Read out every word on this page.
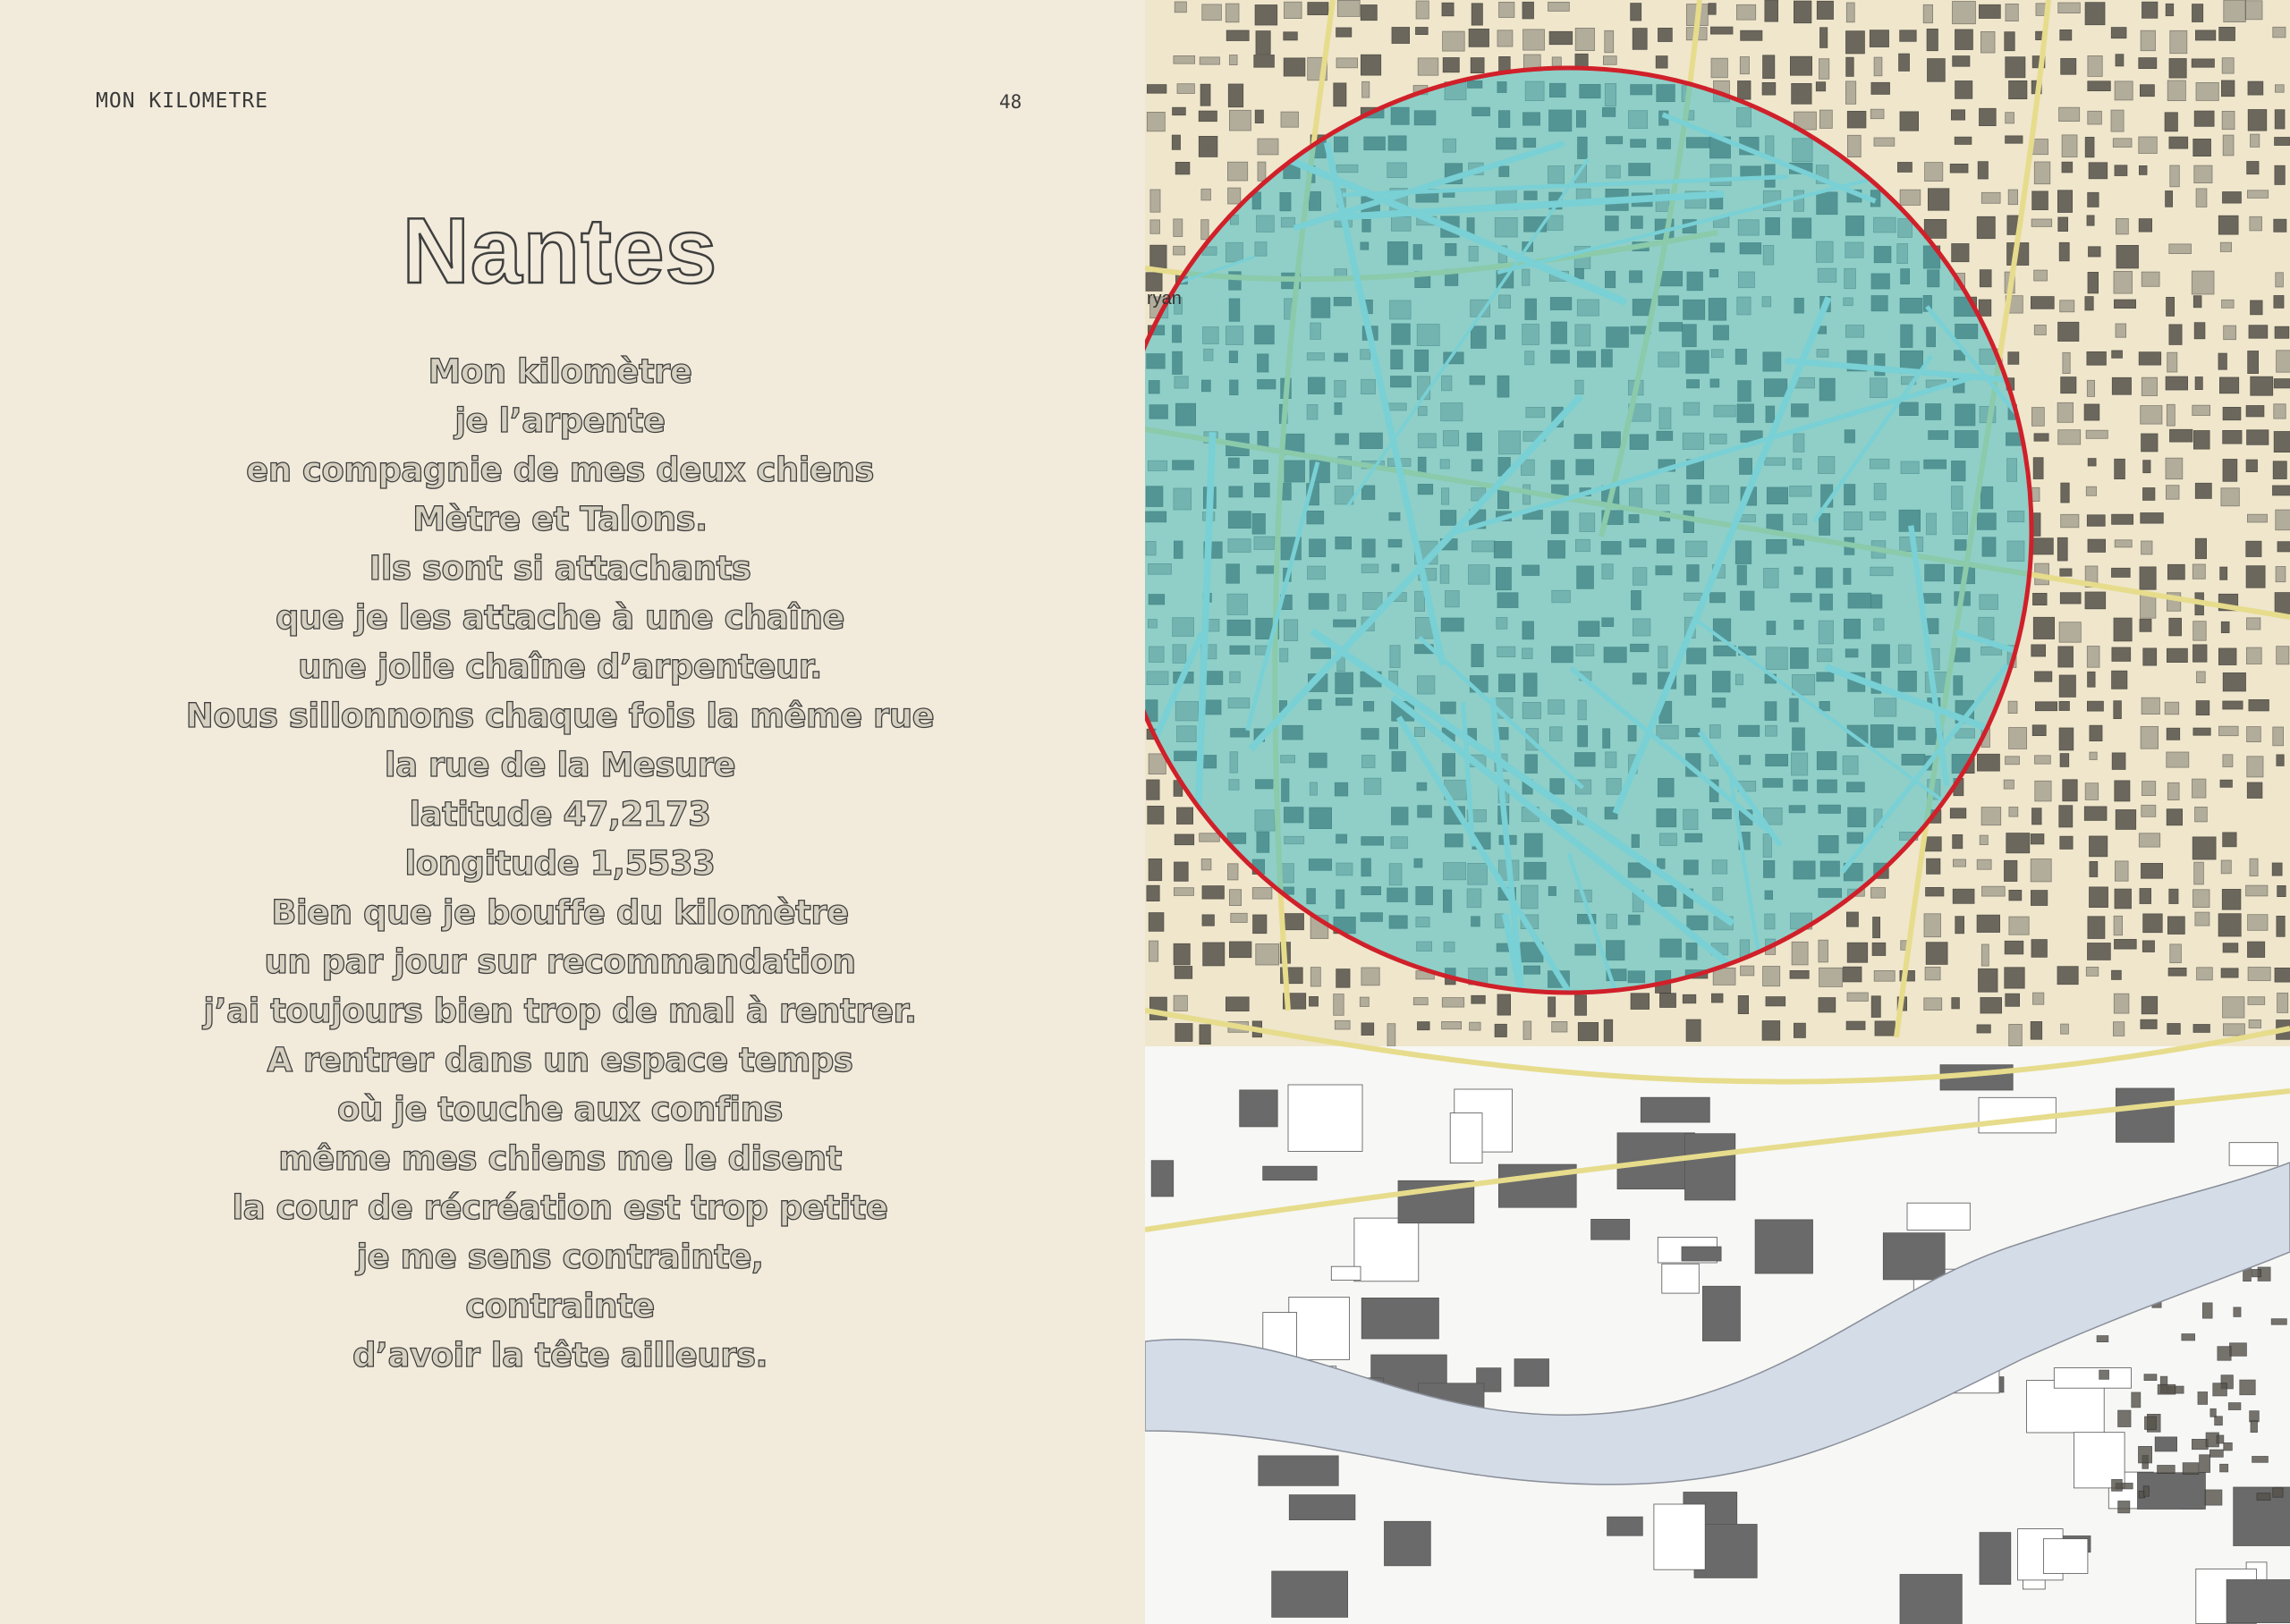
MON KILOMETRE	48
Nantes
Mon kilomètre
je l’arpente
en compagnie de mes deux chiens
Mètre et Talons.
Ils sont si attachants
que je les attache à une chaîne
une jolie chaîne d’arpenteur.
Nous sillonnons chaque fois la même rue
la rue de la Mesure
latitude 47,2173
longitude 1,5533
Bien que je bouffe du kilomètre
un par jour sur recommandation
j’ai toujours bien trop de mal à rentrer.
A rentrer dans un espace temps
où je touche aux confins
même mes chiens me le disent
la cour de récréation est trop petite
je me sens contrainte,
contrainte
d’avoir la tête ailleurs.
ryan
